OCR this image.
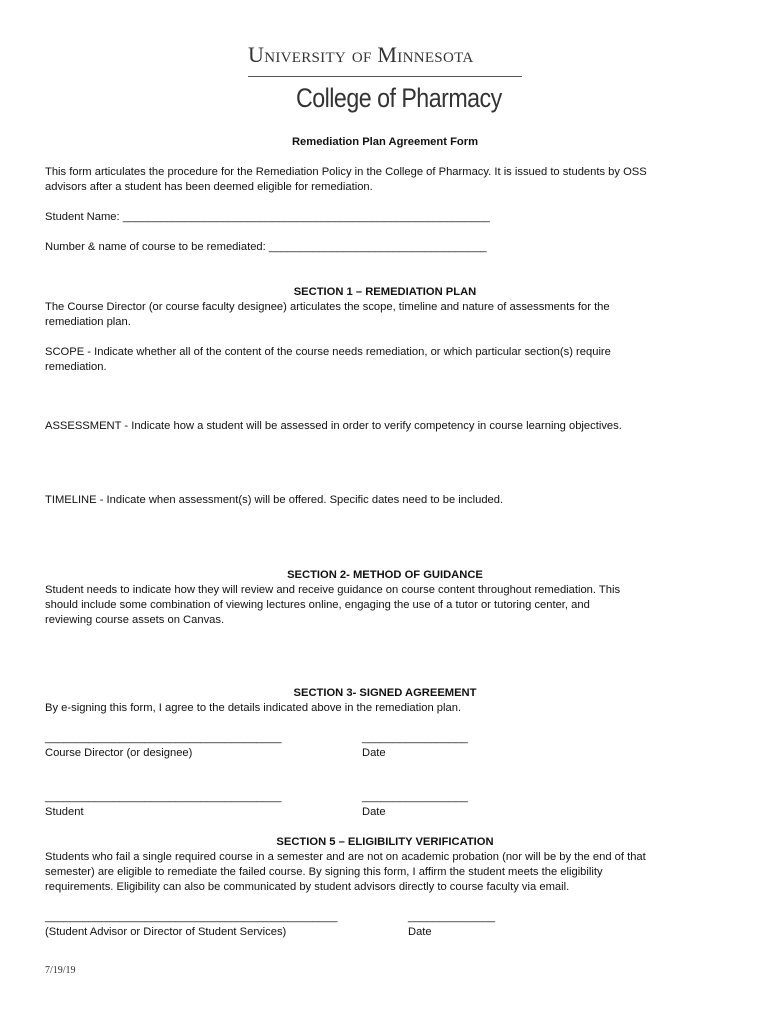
University of Minnesota
College of Pharmacy

Remediation Plan Agreement Form

This form articulates the procedure for the Remediation Policy in the College of Pharmacy. It is issued to students by OSS

advisors after a student has been deemed eligible for remediation.

Student Name: ___________________________________________________________

Number & name of course to be remediated: ___________________________________

SECTION 1 – REMEDIATION PLAN

The Course Director (or course faculty designee) articulates the scope, timeline and nature of assessments for the

remediation plan.

SCOPE - Indicate whether all of the content of the course needs remediation, or which particular section(s) require

remediation.

ASSESSMENT - Indicate how a student will be assessed in order to verify competency in course learning objectives.

TIMELINE - Indicate when assessment(s) will be offered. Specific dates need to be included.

SECTION 2- METHOD OF GUIDANCE

Student needs to indicate how they will review and receive guidance on course content throughout remediation. This

should include some combination of viewing lectures online, engaging the use of a tutor or tutoring center, and

reviewing course assets on Canvas.

SECTION 3- SIGNED AGREEMENT

By e-signing this form, I agree to the details indicated above in the remediation plan.

______________________________________	_________________

Course Director (or designee)	Date

______________________________________	_________________

Student	Date

SECTION 5 – ELIGIBILITY VERIFICATION

Students who fail a single required course in a semester and are not on academic probation (nor will be by the end of that

semester) are eligible to remediate the failed course. By signing this form, I affirm the student meets the eligibility

requirements. Eligibility can also be communicated by student advisors directly to course faculty via email.

_______________________________________________	______________

(Student Advisor or Director of Student Services)	Date

7/19/19
